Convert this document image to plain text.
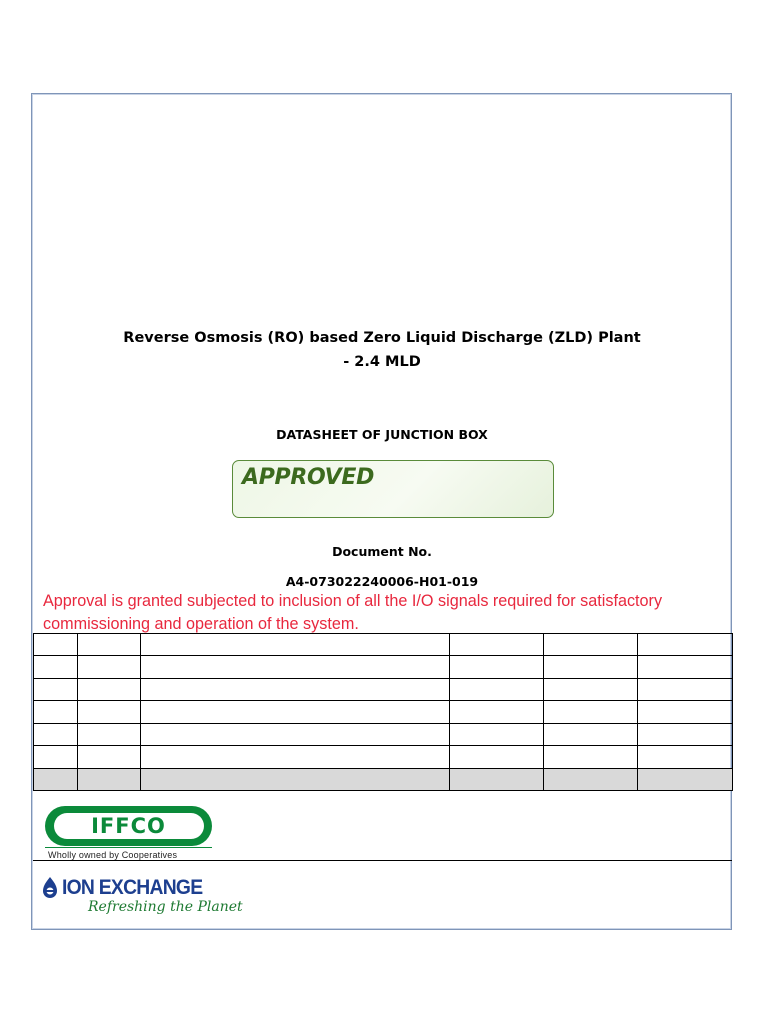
Reverse Osmosis (RO) based Zero Liquid Discharge (ZLD) Plant
- 2.4 MLD
DATASHEET OF JUNCTION BOX
APPROVED
Document No.
A4-073022240006-H01-019
Approval is granted subjected to inclusion of all the I/O signals required for satisfactory
commissioning and operation of the system.

IFFCO
Wholly owned by Cooperatives
ION EXCHANGE
Refreshing the Planet
